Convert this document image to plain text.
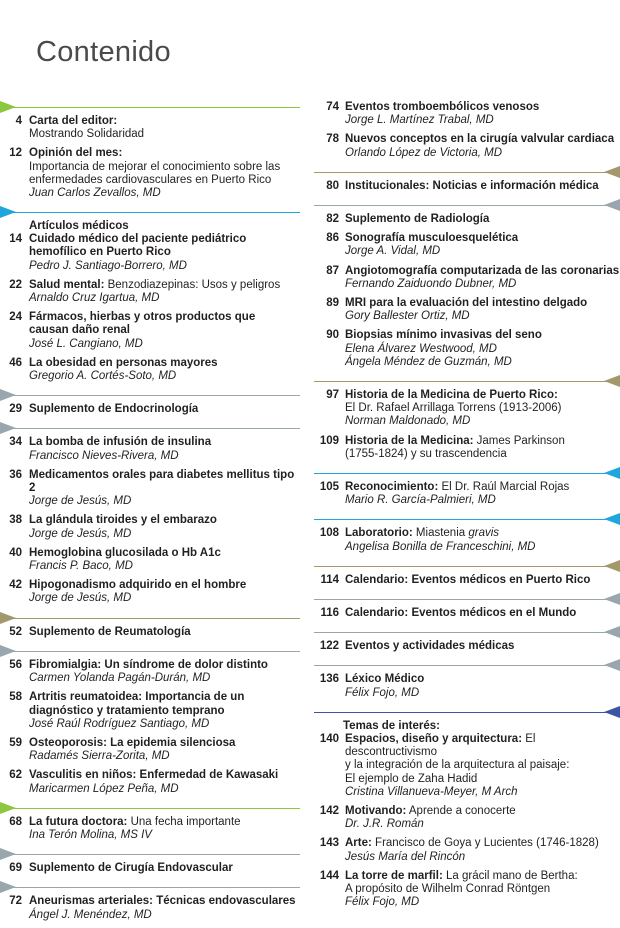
Contenido
4 Carta del editor:
Mostrando Solidaridad
12 Opinión del mes:
Importancia de mejorar el conocimiento sobre las
enfermedades cardiovasculares en Puerto Rico
Juan Carlos Zevallos, MD
Artículos médicos
14 Cuidado médico del paciente pediátrico
hemofílico en Puerto Rico
Pedro J. Santiago-Borrero, MD
22 Salud mental: Benzodiazepinas: Usos y peligros
Arnaldo Cruz Igartua, MD
24 Fármacos, hierbas y otros productos que
causan daño renal
José L. Cangiano, MD
46 La obesidad en personas mayores
Gregorio A. Cortés-Soto, MD
29 Suplemento de Endocrinología
34 La bomba de infusión de insulina
Francisco Nieves-Rivera, MD
36 Medicamentos orales para diabetes mellitus tipo 2
Jorge de Jesús, MD
38 La glándula tiroides y el embarazo
Jorge de Jesús, MD
40 Hemoglobina glucosilada o Hb A1c
Francis P. Baco, MD
42 Hipogonadismo adquirido en el hombre
Jorge de Jesús, MD
52 Suplemento de Reumatología
56 Fibromialgia: Un síndrome de dolor distinto
Carmen Yolanda Pagán-Durán, MD
58 Artritis reumatoidea: Importancia de un
diagnóstico y tratamiento temprano
José Raúl Rodríguez Santiago, MD
59 Osteoporosis: La epidemia silenciosa
Radamés Sierra-Zorita, MD
62 Vasculitis en niños: Enfermedad de Kawasaki
Maricarmen López Peña, MD
68 La futura doctora: Una fecha importante
Ina Terón Molina, MS IV
69 Suplemento de Cirugía Endovascular
72 Aneurismas arteriales: Técnicas endovasculares
Ángel J. Menéndez, MD
74 Eventos tromboembólicos venosos
Jorge L. Martínez Trabal, MD
78 Nuevos conceptos en la cirugía valvular cardiaca
Orlando López de Victoria, MD
80 Institucionales: Noticias e información médica
82 Suplemento de Radiología
86 Sonografía musculoesquelética
Jorge A. Vidal, MD
87 Angiotomografía computarizada de las coronarias
Fernando Zaiduondo Dubner, MD
89 MRI para la evaluación del intestino delgado
Gory Ballester Ortiz, MD
90 Biopsias mínimo invasivas del seno
Elena Álvarez Westwood, MD
Ángela Méndez de Guzmán, MD
97 Historia de la Medicina de Puerto Rico:
El Dr. Rafael Arrillaga Torrens (1913-2006)
Norman Maldonado, MD
109 Historia de la Medicina: James Parkinson
(1755-1824) y su trascendencia
105 Reconocimiento: El Dr. Raúl Marcial Rojas
Mario R. García-Palmieri, MD
108 Laboratorio: Miastenia gravis
Angelisa Bonilla de Franceschini, MD
114 Calendario: Eventos médicos en Puerto Rico
116 Calendario: Eventos médicos en el Mundo
122 Eventos y actividades médicas
136 Léxico Médico
Félix Fojo, MD
Temas de interés:
140 Espacios, diseño y arquitectura: El descontructivismo
y la integración de la arquitectura al paisaje:
El ejemplo de Zaha Hadid
Cristina Villanueva-Meyer, M Arch
142 Motivando: Aprende a conocerte
Dr. J.R. Román
143 Arte: Francisco de Goya y Lucientes (1746-1828)
Jesús María del Rincón
144 La torre de marfil: La grácil mano de Bertha:
A propósito de Wilhelm Conrad Röntgen
Félix Fojo, MD
